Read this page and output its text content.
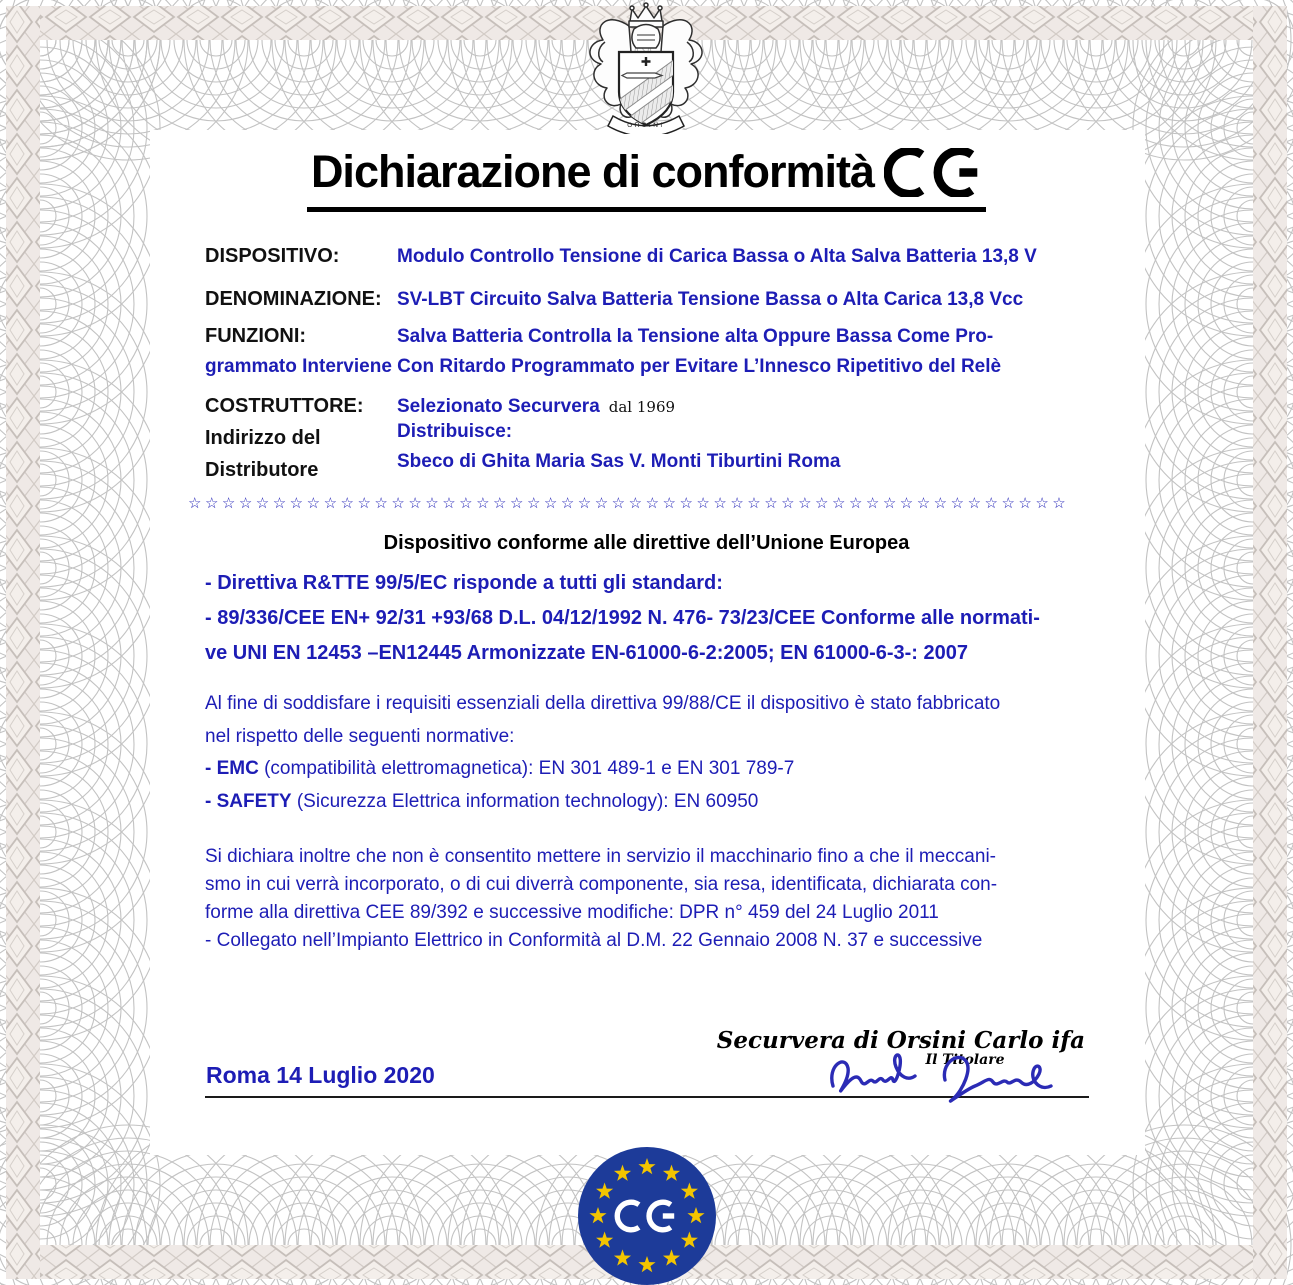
ORSINI
Dichiarazione di conformità
DISPOSITIVO:	Modulo Controllo Tensione di Carica Bassa o Alta Salva Batteria 13,8 V
DENOMINAZIONE: SV-LBT Circuito Salva Batteria Tensione Bassa o Alta Carica 13,8 Vcc
FUNZIONI:	Salva Batteria Controlla la Tensione alta Oppure Bassa Come Pro-
grammato Interviene Con Ritardo Programmato per Evitare L’Innesco Ripetitivo del Relè
COSTRUTTORE: Selezionato Securvera dal 1969
Distribuisce:
Indirizzo del
Sbeco di Ghita Maria Sas V. Monti Tiburtini Roma
Distributore
☆☆☆☆☆☆☆☆☆☆☆☆☆☆☆☆☆☆☆☆☆☆☆☆☆☆☆☆☆☆☆☆☆☆☆☆☆☆☆☆☆☆☆☆☆☆☆☆☆☆☆☆
Dispositivo conforme alle direttive dell’Unione Europea
- Direttiva R&TTE 99/5/EC risponde a tutti gli standard:
- 89/336/CEE EN+ 92/31 +93/68 D.L. 04/12/1992 N. 476- 73/23/CEE Conforme alle normati-
ve UNI EN 12453 –EN12445 Armonizzate EN-61000-6-2:2005; EN 61000-6-3-: 2007
Al fine di soddisfare i requisiti essenziali della direttiva 99/88/CE il dispositivo è stato fabbricato
nel rispetto delle seguenti normative:
- EMC (compatibilità elettromagnetica): EN 301 489-1 e EN 301 789-7
- SAFETY (Sicurezza Elettrica information technology): EN 60950
Si dichiara inoltre che non è consentito mettere in servizio il macchinario fino a che il meccani-
smo in cui verrà incorporato, o di cui diverrà componente, sia resa, identificata, dichiarata con-
forme alla direttiva CEE 89/392 e successive modifiche: DPR n° 459 del 24 Luglio 2011
- Collegato nell’Impianto Elettrico in Conformità al D.M. 22 Gennaio 2008 N. 37 e successive
Securvera di Orsini Carlo ifa
Il Titolare
Roma 14 Luglio 2020
